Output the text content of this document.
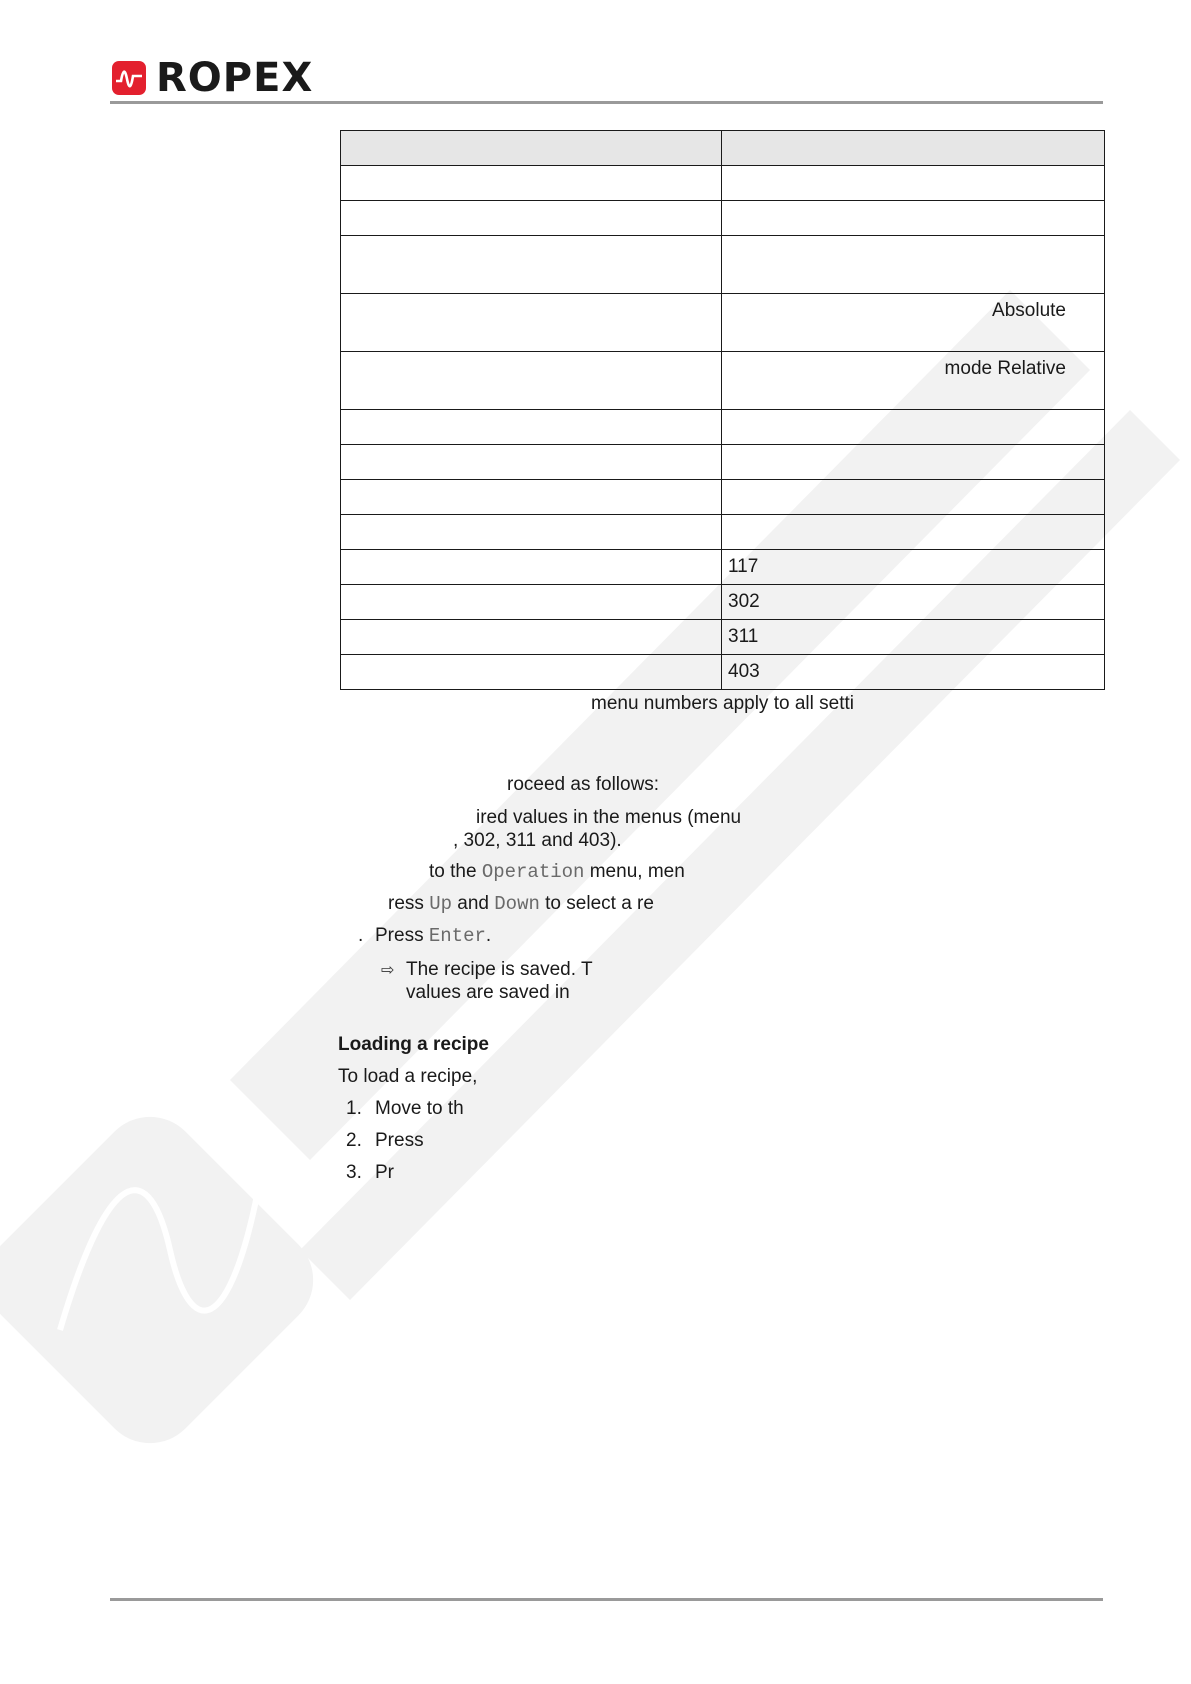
ROPEX

	Absolute
	mode Relative

	117
	302
	311
	403
menu numbers apply to all setti
roceed as follows:
ired values in the menus (menu
, 302, 311 and 403).
to the Operation menu, men
ress Up and Down to select a re
. Press Enter.
⇨ The recipe is saved. T
values are saved in
Loading a recipe
To load a recipe,
1. Move to th
2. Press
3. Pr
